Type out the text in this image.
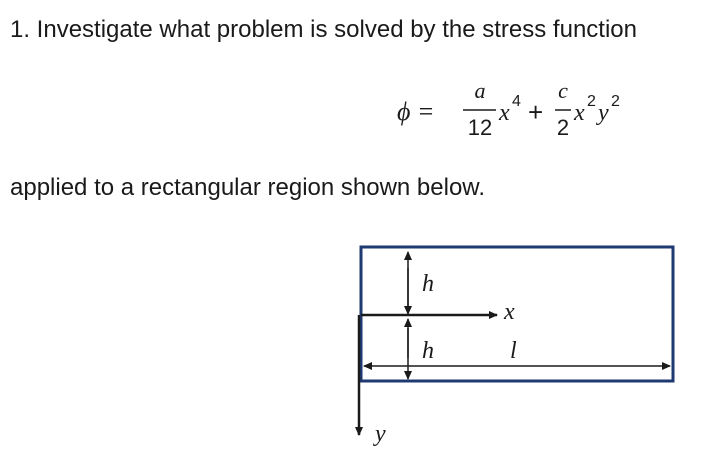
1. Investigate what problem is solved by the stress function
ϕ =
a
12
x 4 +
c
2
x 2 y 2
applied to a rectangular region shown below.
h
h
x
l
y
